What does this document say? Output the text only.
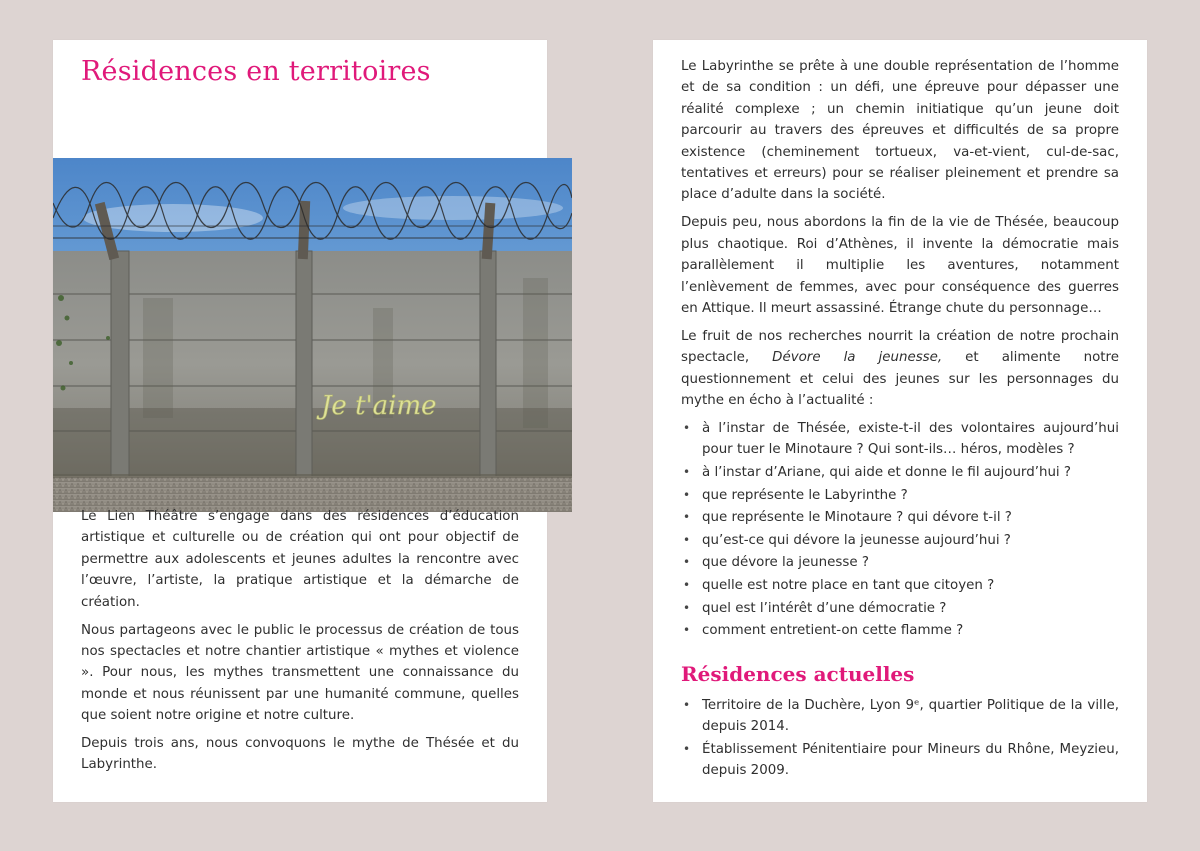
Résidences en territoires
Je t'aime

Le Lien Théâtre s’engage dans des résidences d’éducation artistique et culturelle ou de création qui ont pour objectif de permettre aux adolescents et jeunes adultes la rencontre avec l’œuvre, l’artiste, la pratique artistique et la démarche de création.

Nous partageons avec le public le processus de création de tous nos spectacles et notre chantier artistique « mythes et violence ». Pour nous, les mythes transmettent une connaissance du monde et nous réunissent par une humanité commune, quelles que soient notre origine et notre culture.

Depuis trois ans, nous convoquons le mythe de Thésée et du Labyrinthe.

Le Labyrinthe se prête à une double représentation de l’homme et de sa condition : un défi, une épreuve pour dépasser une réalité complexe ; un chemin initiatique qu’un jeune doit parcourir au travers des épreuves et difficultés de sa propre existence (cheminement tortueux, va-et-vient, cul-de-sac, tentatives et erreurs) pour se réaliser pleinement et prendre sa place d’adulte dans la société.

Depuis peu, nous abordons la fin de la vie de Thésée, beaucoup plus chaotique. Roi d’Athènes, il invente la démocratie mais parallèlement il multiplie les aventures, notamment l’enlèvement de femmes, avec pour conséquence des guerres en Attique. Il meurt assassiné. Étrange chute du personnage…

Le fruit de nos recherches nourrit la création de notre prochain spectacle, Dévore la jeunesse, et alimente notre questionnement et celui des jeunes sur les personnages du mythe en écho à l’actualité :

• à l’instar de Thésée, existe-t-il des volontaires aujourd’hui pour tuer le Minotaure ? Qui sont-ils… héros, modèles ?
• à l’instar d’Ariane, qui aide et donne le fil aujourd’hui ?
• que représente le Labyrinthe ?
• que représente le Minotaure ? qui dévore t-il ?
• qu’est-ce qui dévore la jeunesse aujourd’hui ?
• que dévore la jeunesse ?
• quelle est notre place en tant que citoyen ?
• quel est l’intérêt d’une démocratie ?
• comment entretient-on cette flamme ?
Résidences actuelles
• Territoire de la Duchère, Lyon 9ᵉ, quartier Politique de la ville, depuis 2014.
• Établissement Pénitentiaire pour Mineurs du Rhône, Meyzieu, depuis 2009.
